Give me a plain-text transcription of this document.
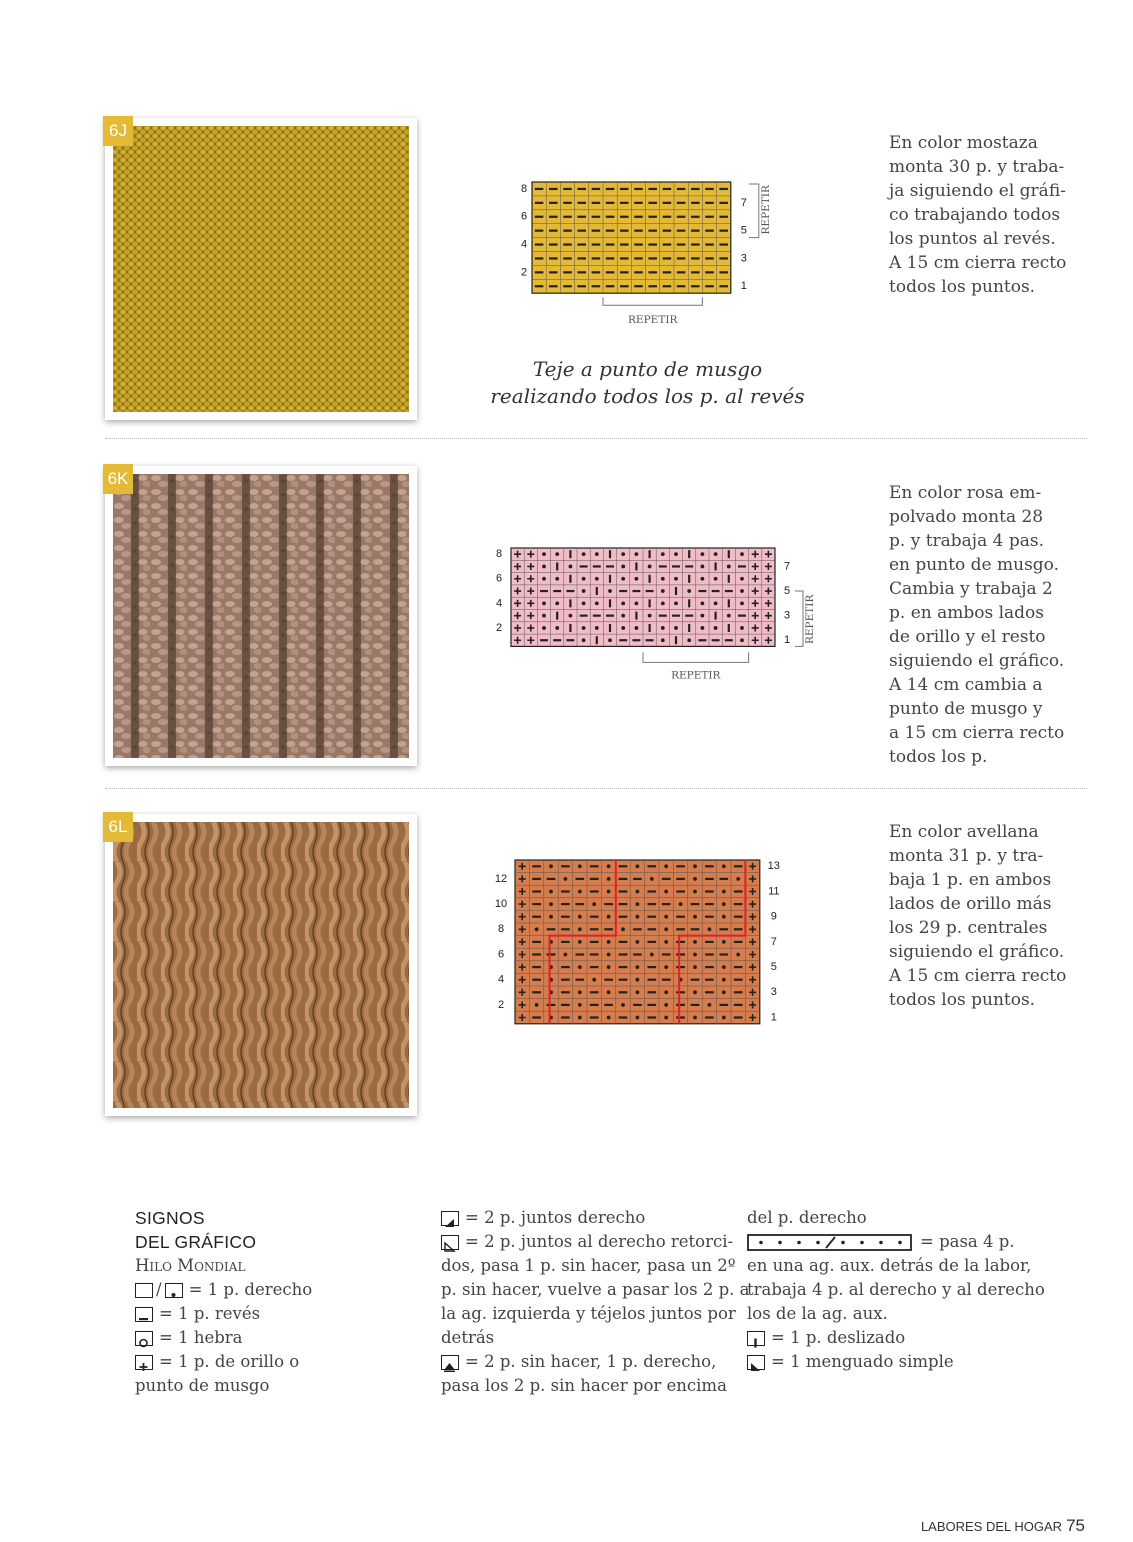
6J
8
6
4
2
7
5
3
1
REPETIR
REPETIR
En color mostaza
monta 30 p. y traba-
ja siguiendo el gráfi-
co trabajando todos
los puntos al revés.
A 15 cm cierra recto
todos los puntos.
Teje a punto de musgo
realizando todos los p. al revés
6K
8
6
4
2
7
5
3
1
REPETIR
REPETIR
En color rosa em-
polvado monta 28
p. y trabaja 4 pas.
en punto de musgo.
Cambia y trabaja 2
p. en ambos lados
de orillo y el resto
siguiendo el gráfico.
A 14 cm cambia a
punto de musgo y
a 15 cm cierra recto
todos los p.
6L
12
10
8
6
4
2
13
11
9
7
5
3
1
En color avellana
monta 31 p. y tra-
baja 1 p. en ambos
lados de orillo más
los 29 p. centrales
siguiendo el gráfico.
A 15 cm cierra recto
todos los puntos.
SIGNOS
DEL GRÁFICO
Hilo Mondial
/ = 1 p. derecho
= 1 p. revés
= 1 hebra
= 1 p. de orillo o
punto de musgo
= 2 p. juntos derecho
= 2 p. juntos al derecho retorci-
dos, pasa 1 p. sin hacer, pasa un 2º
p. sin hacer, vuelve a pasar los 2 p. a
la ag. izquierda y téjelos juntos por
detrás
= 2 p. sin hacer, 1 p. derecho,
pasa los 2 p. sin hacer por encima
del p. derecho
= pasa 4 p.
en una ag. aux. detrás de la labor,
trabaja 4 p. al derecho y al derecho
los de la ag. aux.
= 1 p. deslizado
= 1 menguado simple
LABORES DEL HOGAR 75
